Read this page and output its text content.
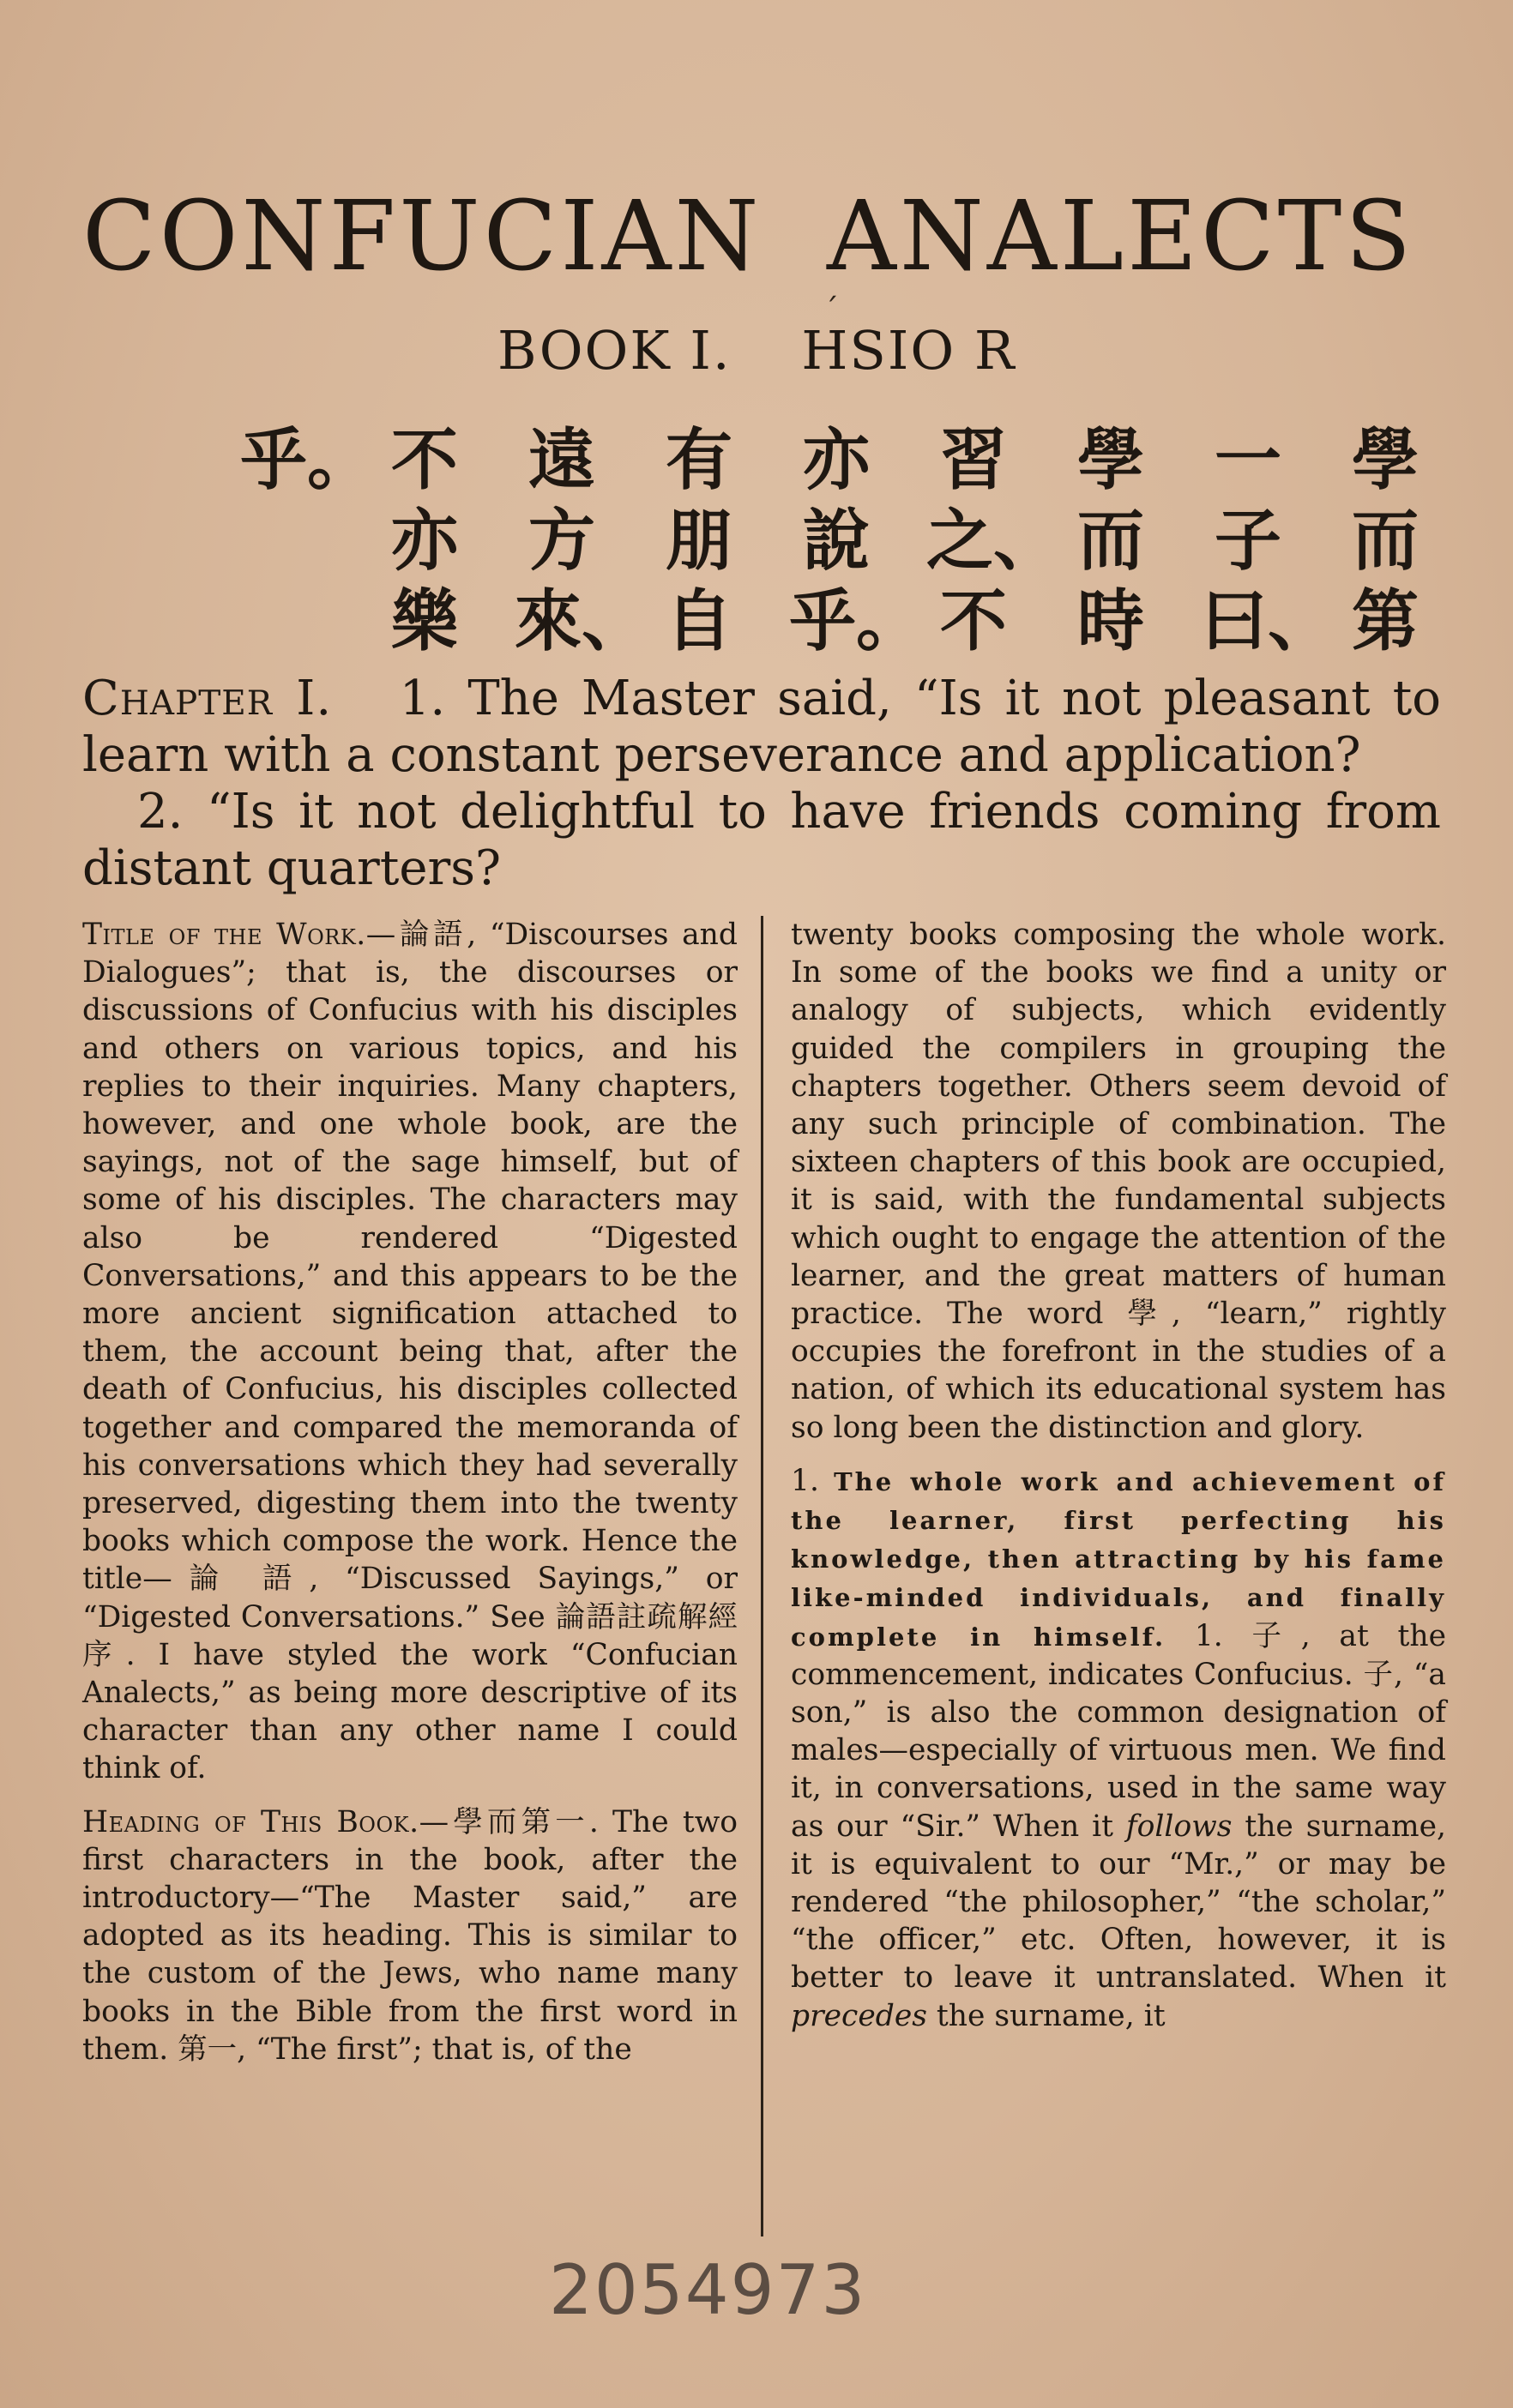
CONFUCIAN ANALECTS
BOOK I. HSIO R
´
學
而
第
一
子
曰、
學
而
時
習
之、
不
亦
說
乎。
有
朋
自
遠
方
來、
不
亦
樂
乎。

Chapter I. 1. The Master said, “Is it not pleasant to learn with a constant perseverance and application?

2. “Is it not delightful to have friends coming from distant quarters?

Title of the Work.—論語, “Discourses and Dialogues”; that is, the discourses or discussions of Confucius with his disciples and others on various topics, and his replies to their inquiries. Many chapters, however, and one whole book, are the sayings, not of the sage himself, but of some of his disciples. The characters may also be rendered “Digested Conversations,” and this appears to be the more ancient signification attached to them, the account being that, after the death of Confucius, his disciples collected together and compared the memoranda of his conversations which they had severally preserved, digesting them into the twenty books which compose the work. Hence the title—論 語, “Discussed Sayings,” or “Digested Conversations.” See 論語註疏解經序. I have styled the work “Confucian Analects,” as being more descriptive of its character than any other name I could think of.

Heading of This Book.—學而第一. The two first characters in the book, after the introductory—“The Master said,” are adopted as its heading. This is similar to the custom of the Jews, who name many books in the Bible from the first word in them. 第一, “The first”; that is, of the

twenty books composing the whole work. In some of the books we find a unity or analogy of subjects, which evidently guided the compilers in grouping the chapters together. Others seem devoid of any such principle of combination. The sixteen chapters of this book are occupied, it is said, with the fundamental subjects which ought to engage the attention of the learner, and the great matters of human practice. The word 學, “learn,” rightly occupies the forefront in the studies of a nation, of which its educational system has so long been the distinction and glory.

1. The whole work and achievement of the learner, first perfecting his knowledge, then attracting by his fame like-minded individuals, and finally complete in himself. 1. 子, at the commencement, indicates Confucius. 子, “a son,” is also the common designation of males—especially of virtuous men. We find it, in conversations, used in the same way as our “Sir.” When it follows the surname, it is equivalent to our “Mr.,” or may be rendered “the philosopher,” “the scholar,” “the officer,” etc. Often, however, it is better to leave it untranslated. When it precedes the surname, it

2054973
